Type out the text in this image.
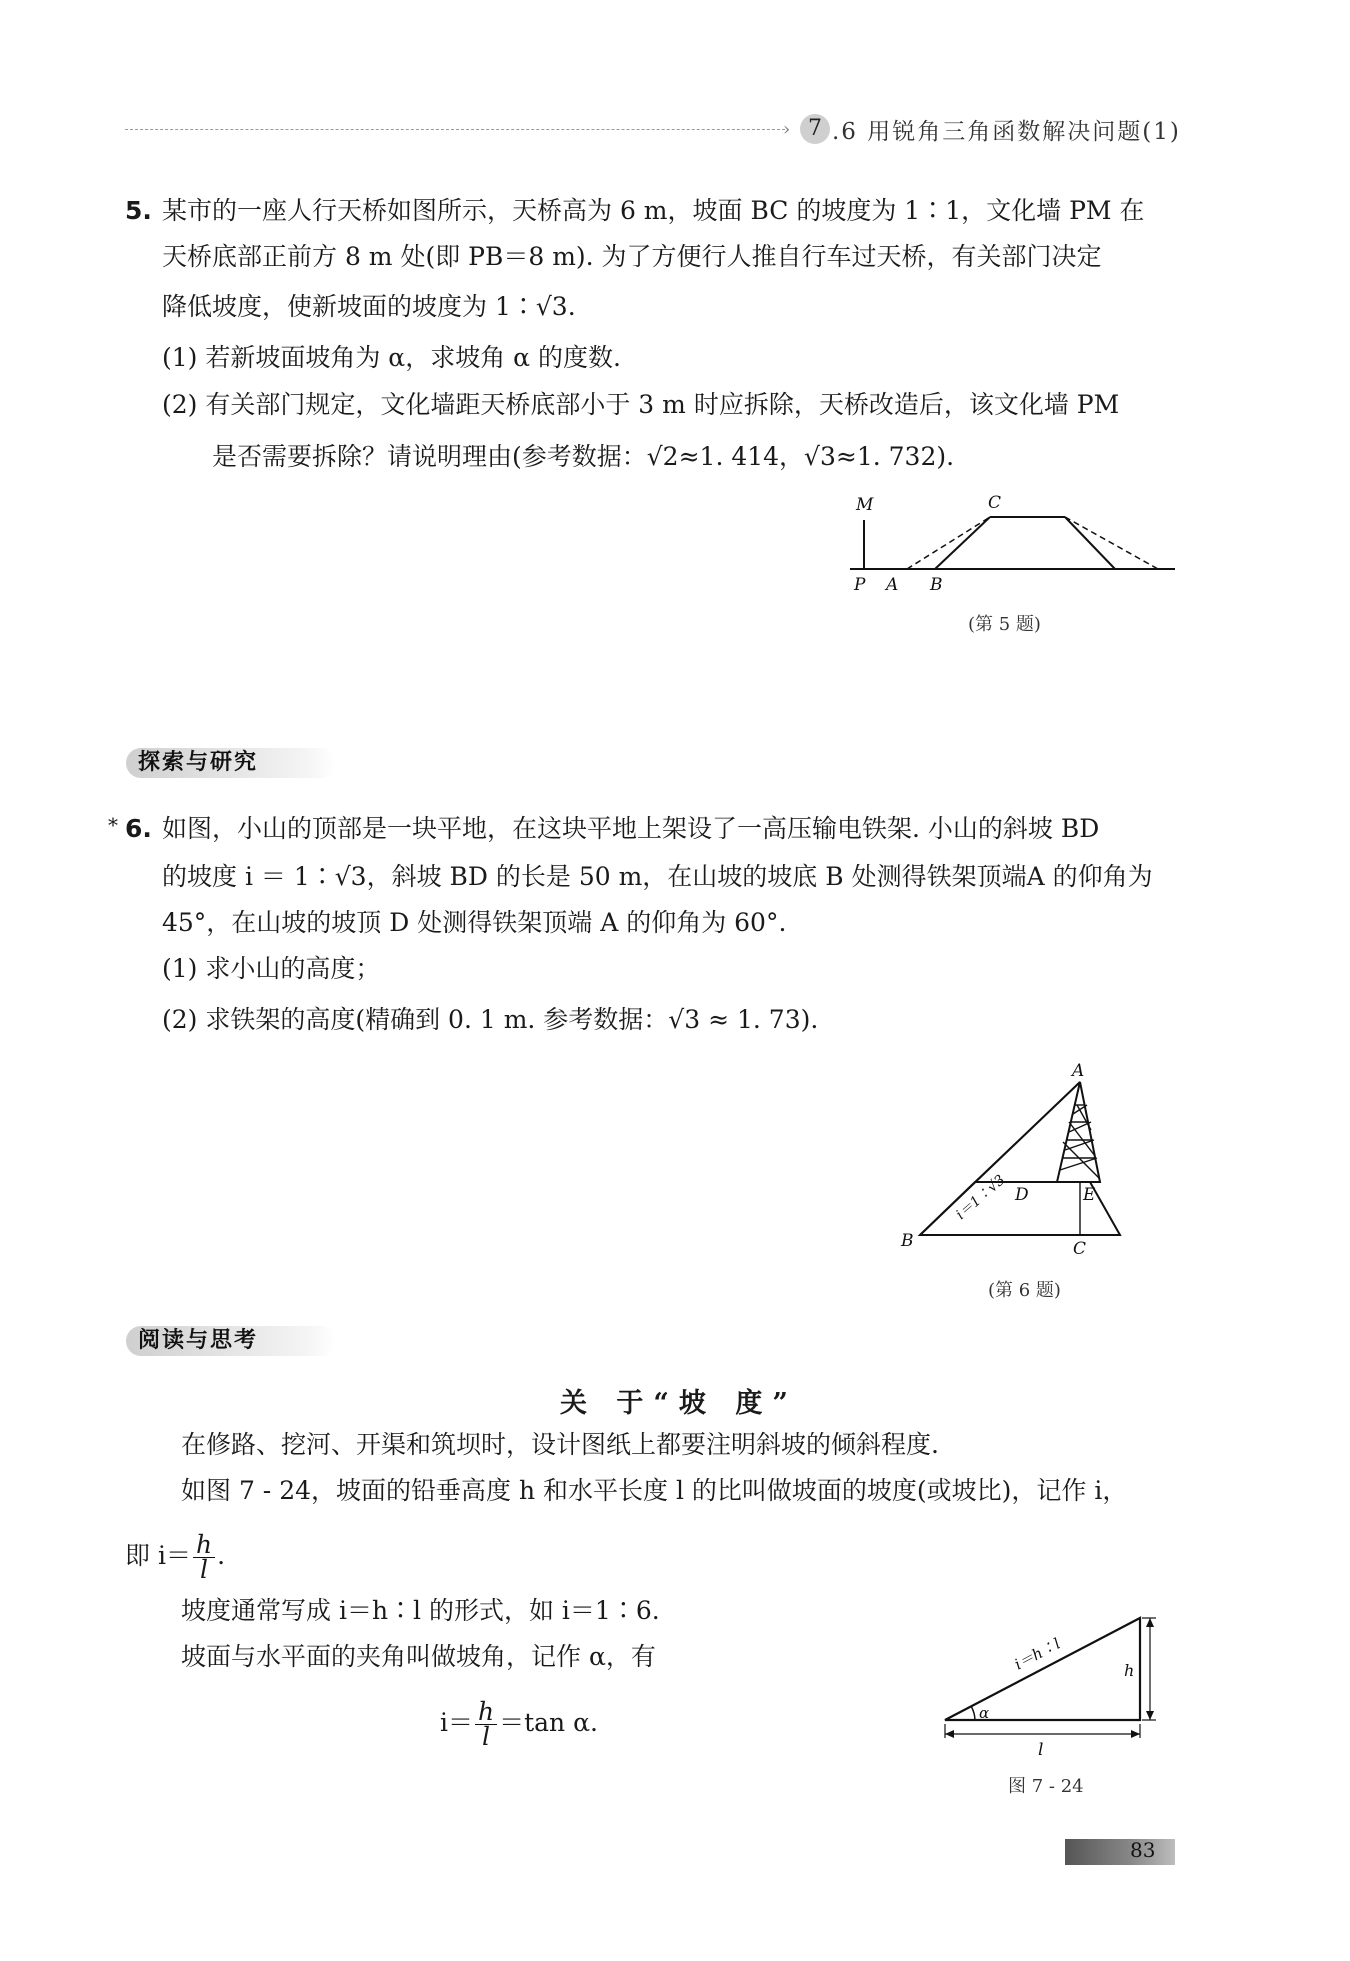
› 7 .6 用锐角三角函数解决问题(1)
5. 某市的一座人行天桥如图所示，天桥高为 6 m，坡面 BC 的坡度为 1∶1，文化墙 PM 在
天桥底部正前方 8 m 处(即 PB＝8 m). 为了方便行人推自行车过天桥，有关部门决定
降低坡度，使新坡面的坡度为 1∶√3.
(1) 若新坡面坡角为 α，求坡角 α 的度数.
(2) 有关部门规定，文化墙距天桥底部小于 3 m 时应拆除，天桥改造后，该文化墙 PM
是否需要拆除？请说明理由(参考数据：√2≈1. 414，√3≈1. 732).
M	C
P A B
(第 5 题)
探索与研究
* 6. 如图，小山的顶部是一块平地，在这块平地上架设了一高压输电铁架. 小山的斜坡 BD
的坡度 i ＝ 1∶√3，斜坡 BD 的长是 50 m，在山坡的坡底 B 处测得铁架顶端A 的仰角为
45°，在山坡的坡顶 D 处测得铁架顶端 A 的仰角为 60°.
(1) 求小山的高度；
(2) 求铁架的高度(精确到 0. 1 m. 参考数据：√3 ≈ 1. 73).
A
B	C
D	E
i＝1∶√3
(第 6 题)
阅读与思考
关 于“坡 度”
在修路、挖河、开渠和筑坝时，设计图纸上都要注明斜坡的倾斜程度.
如图 7 - 24，坡面的铅垂高度 h 和水平长度 l 的比叫做坡面的坡度(或坡比)，记作 i，
即 $i= \frac{h}{l}$ .
坡度通常写成 i＝h∶l 的形式，如 i＝1∶6.
坡面与水平面的夹角叫做坡角，记作 α，有
$i= \frac{h}{l} =\tan$ α.
i＝h∶l	h
α
l
图 7 - 24
83
